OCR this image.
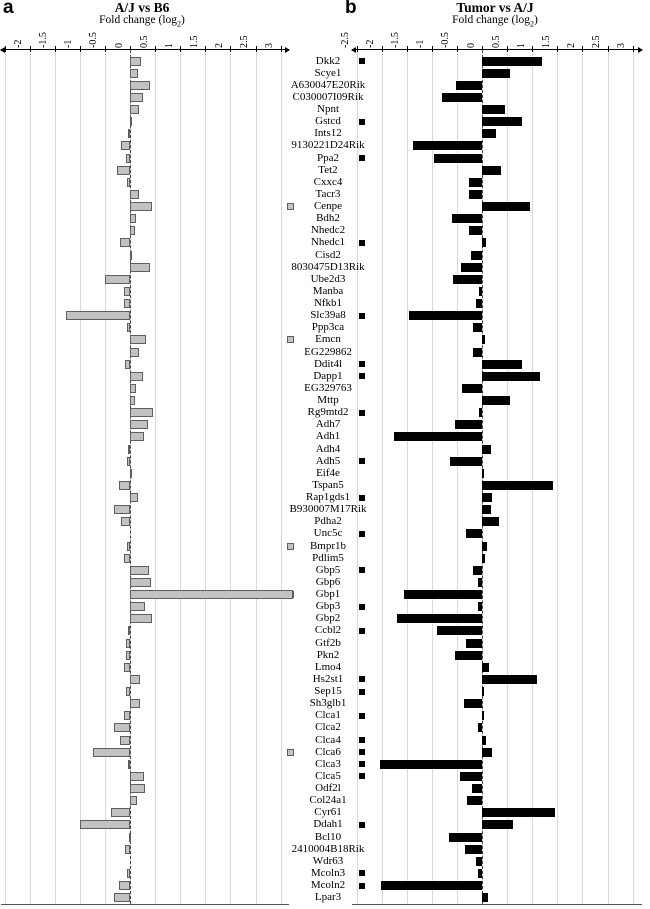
a	b
A/J vs B6	Tumor vs A/J
Fold change $(\log_2)$	Fold change $(\log_2)$
-2 -1.5 -1 -0.5 0 0.5 1 1.5 2 2.5 3	-2.5 -2 -1.5 -1 -0.5 0 0.5 1 1.5 2 2.5 3
Dkk2
Scye1
A630047E20Rik
C030007I09Rik
Npnt
Gstcd
Ints12
9130221D24Rik
Ppa2
Tet2
Cxxc4
Tacr3
Cenpe
Bdh2
Nhedc2
Nhedc1
Cisd2
8030475D13Rik
Ube2d3
Manba
Nfkb1
Slc39a8
Ppp3ca
Emcn
EG229862
Ddit4l
Dapp1
EG329763
Mttp
Rg9mtd2
Adh7
Adh1
Adh4
Adh5
Eif4e
Tspan5
Rap1gds1
B930007M17Rik
Pdha2
Unc5c
Bmpr1b
Pdlim5
Gbp5
Gbp6
Gbp1
Gbp3
Gbp2
Ccbl2
Gtf2b
Pkn2
Lmo4
Hs2st1
Sep15
Sh3glb1
Clca1
Clca2
Clca4
Clca6
Clca3
Clca5
Odf2l
Col24a1
Cyr61
Ddah1
Bcl10
2410004B18Rik
Wdr63
Mcoln3
Mcoln2
Lpar3
